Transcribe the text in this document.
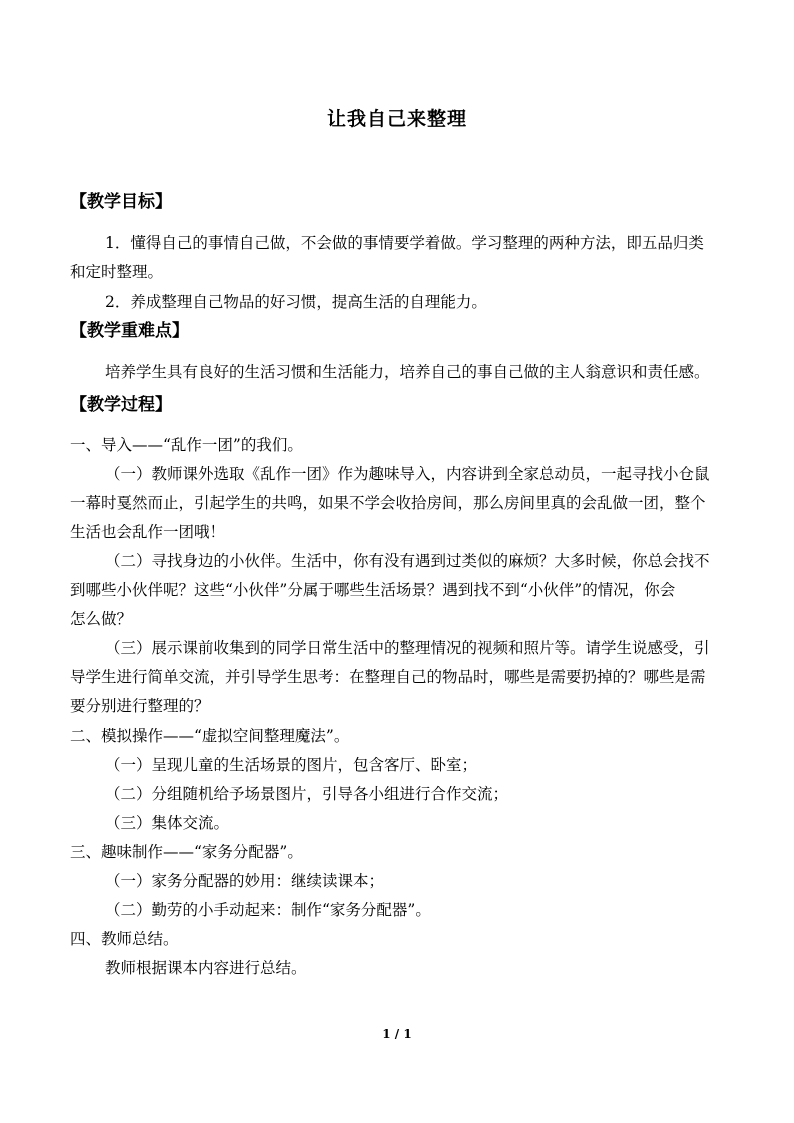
让我自己来整理
【教学目标】
1．懂得自己的事情自己做，不会做的事情要学着做。学习整理的两种方法，即五品归类
和定时整理。
2．养成整理自己物品的好习惯，提高生活的自理能力。
【教学重难点】
培养学生具有良好的生活习惯和生活能力，培养自己的事自己做的主人翁意识和责任感。
【教学过程】
一、导入——“乱作一团”的我们。
（一）教师课外选取《乱作一团》作为趣味导入，内容讲到全家总动员，一起寻找小仓鼠
一幕时戛然而止，引起学生的共鸣，如果不学会收拾房间，那么房间里真的会乱做一团，整个
生活也会乱作一团哦！
（二）寻找身边的小伙伴。生活中，你有没有遇到过类似的麻烦？大多时候，你总会找不
到哪些小伙伴呢？这些“小伙伴”分属于哪些生活场景？遇到找不到“小伙伴”的情况，你会
怎么做？
（三）展示课前收集到的同学日常生活中的整理情况的视频和照片等。请学生说感受，引
导学生进行简单交流，并引导学生思考：在整理自己的物品时，哪些是需要扔掉的？哪些是需
要分别进行整理的？
二、模拟操作——“虚拟空间整理魔法”。
（一）呈现儿童的生活场景的图片，包含客厅、卧室；
（二）分组随机给予场景图片，引导各小组进行合作交流；
（三）集体交流。
三、趣味制作——“家务分配器”。
（一）家务分配器的妙用：继续读课本；
（二）勤劳的小手动起来：制作“家务分配器”。
四、教师总结。
教师根据课本内容进行总结。
1 / 1
